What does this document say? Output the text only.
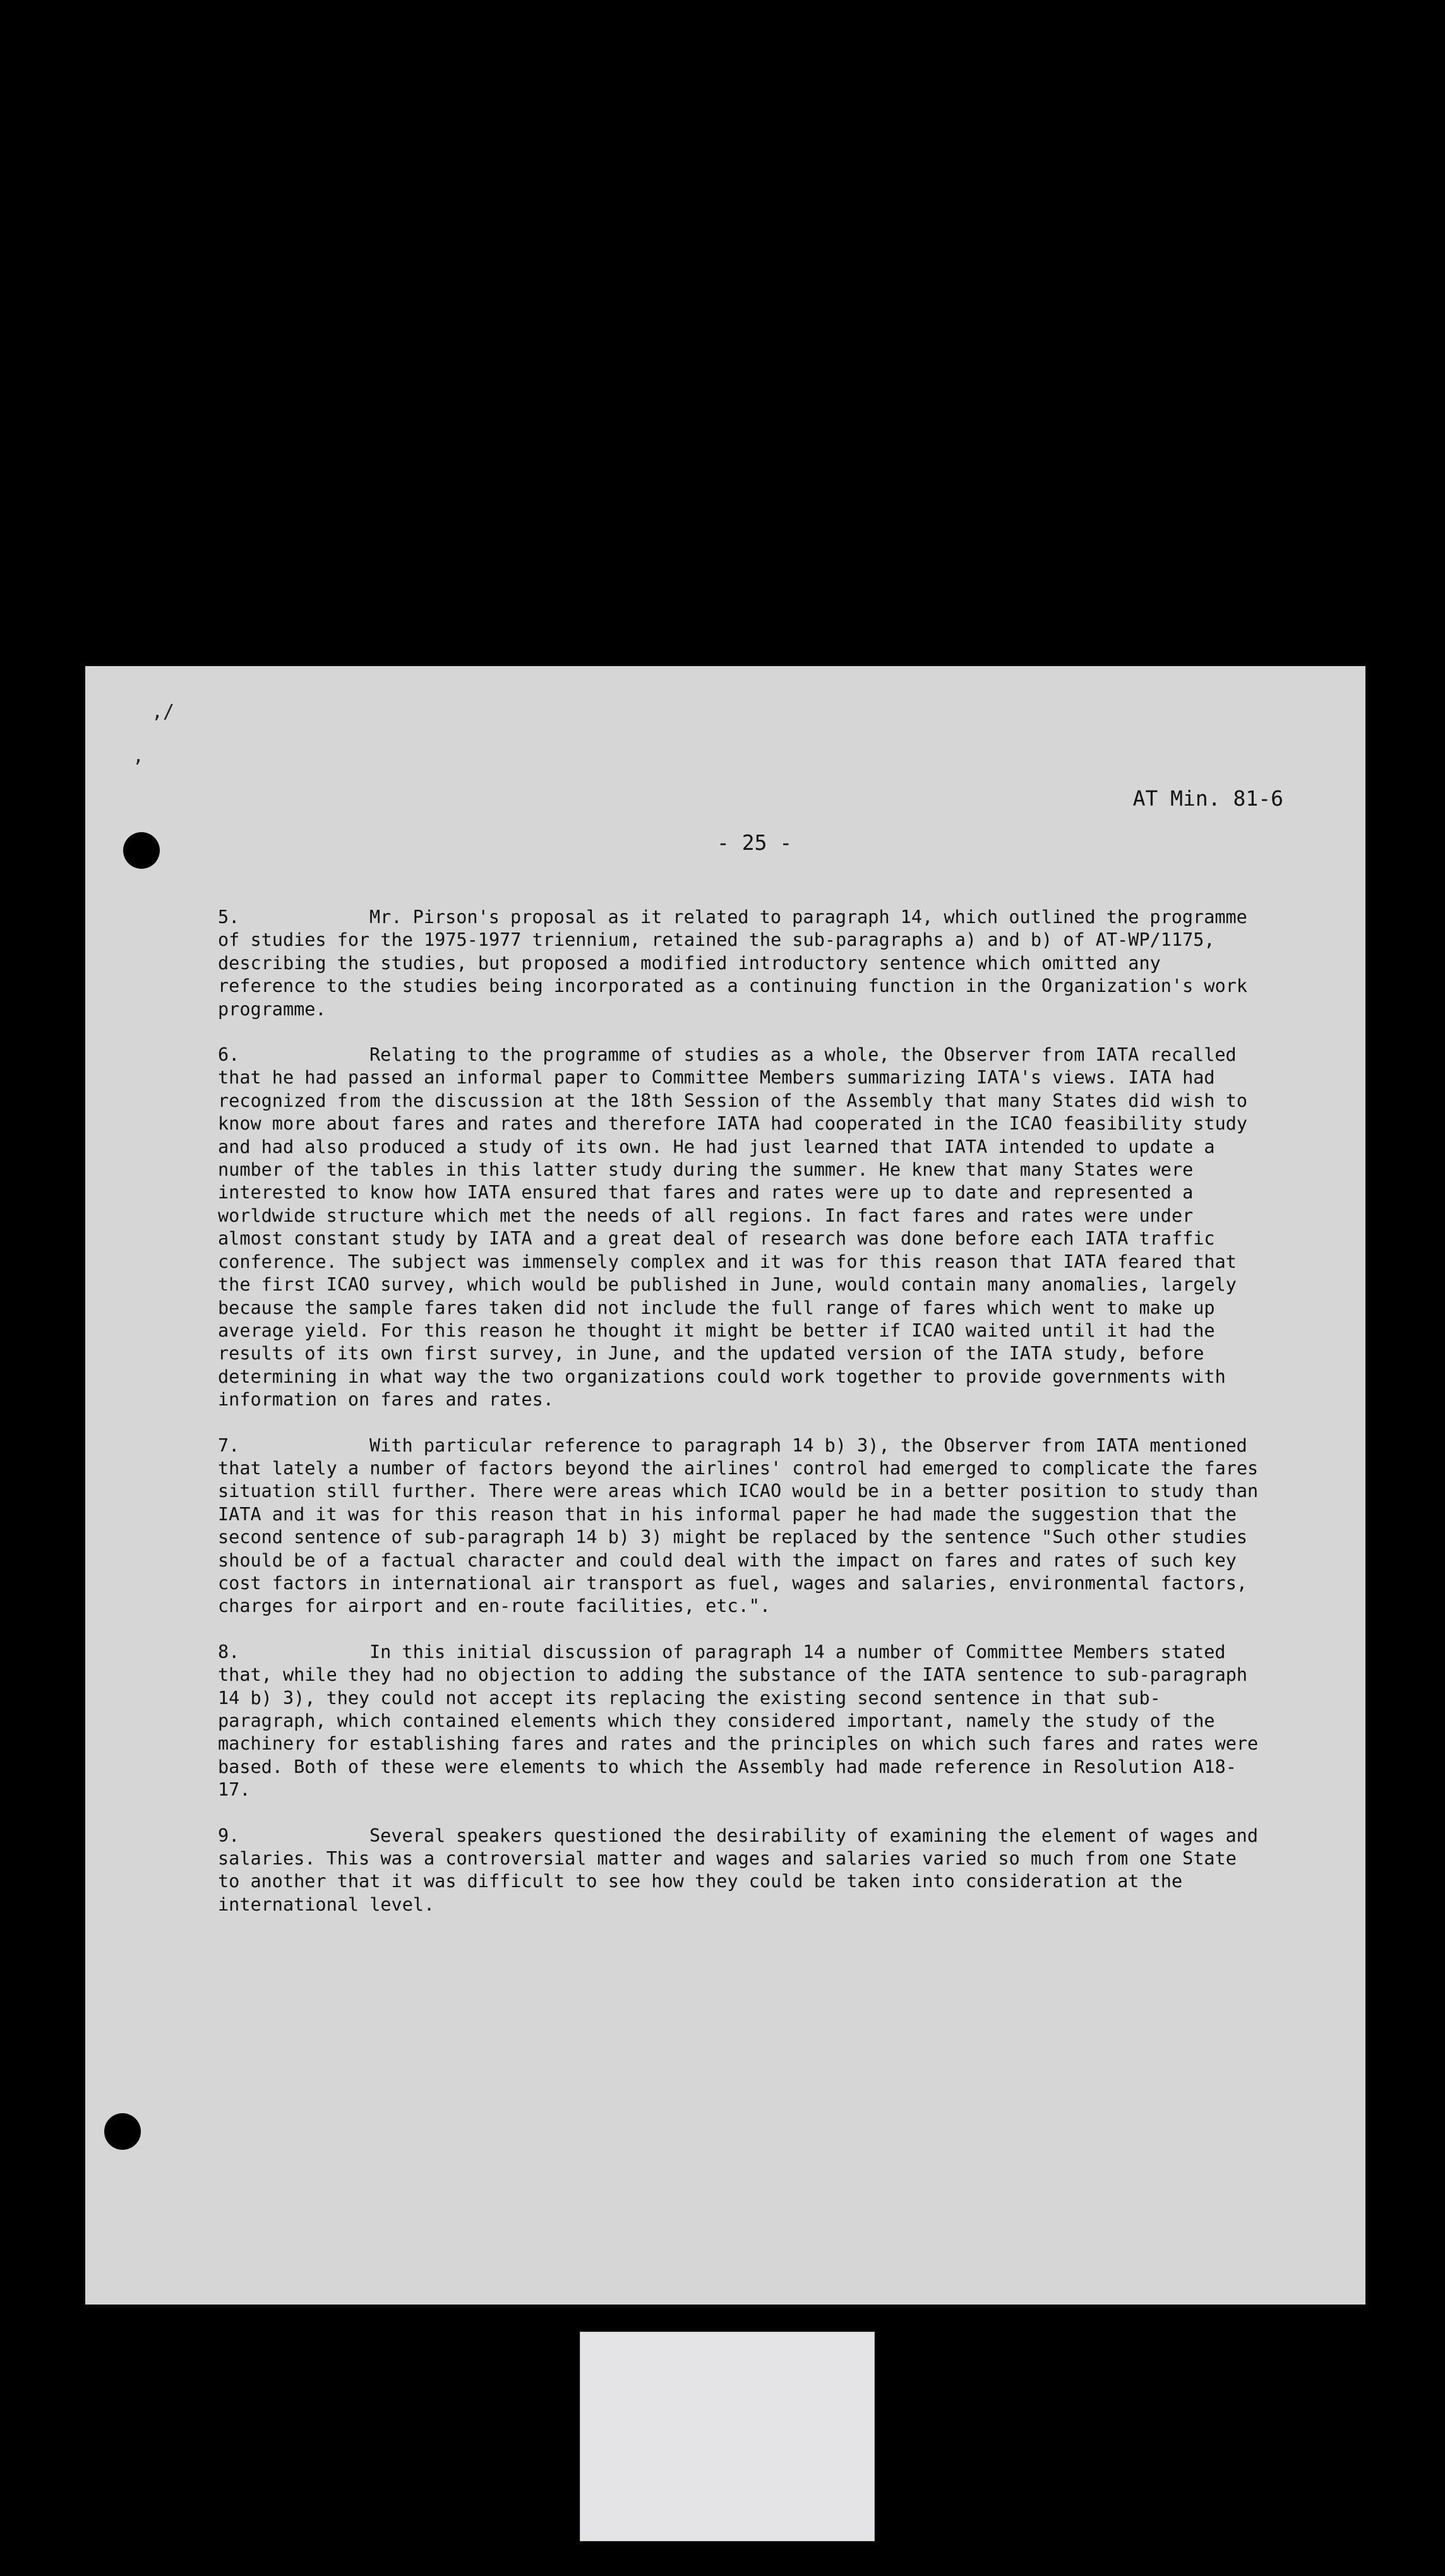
,/
,
AT Min. 81-6
- 25 -
5.	Mr. Pirson's proposal as it related to paragraph 14, which outlined the programme of studies for the 1975-1977 triennium, retained the sub-paragraphs a) and b) of AT-WP/1175, describing the studies, but proposed a modified introductory sentence which omitted any reference to the studies being incorporated as a continuing function in the Organization's work programme.
6.	Relating to the programme of studies as a whole, the Observer from IATA recalled that he had passed an informal paper to Committee Members summarizing IATA's views. IATA had recognized from the discussion at the 18th Session of the Assembly that many States did wish to know more about fares and rates and therefore IATA had cooperated in the ICAO feasibility study and had also produced a study of its own. He had just learned that IATA intended to update a number of the tables in this latter study during the summer. He knew that many States were interested to know how IATA ensured that fares and rates were up to date and represented a worldwide structure which met the needs of all regions. In fact fares and rates were under almost constant study by IATA and a great deal of research was done before each IATA traffic conference. The subject was immensely complex and it was for this reason that IATA feared that the first ICAO survey, which would be published in June, would contain many anomalies, largely because the sample fares taken did not include the full range of fares which went to make up average yield. For this reason he thought it might be better if ICAO waited until it had the results of its own first survey, in June, and the updated version of the IATA study, before determining in what way the two organizations could work together to provide governments with information on fares and rates.
7.	With particular reference to paragraph 14 b) 3), the Observer from IATA mentioned that lately a number of factors beyond the airlines' control had emerged to complicate the fares situation still further. There were areas which ICAO would be in a better position to study than IATA and it was for this reason that in his informal paper he had made the suggestion that the second sentence of sub-paragraph 14 b) 3) might be replaced by the sentence "Such other studies should be of a factual character and could deal with the impact on fares and rates of such key cost factors in international air transport as fuel, wages and salaries, environmental factors, charges for airport and en-route facilities, etc.".
8.	In this initial discussion of paragraph 14 a number of Committee Members stated that, while they had no objection to adding the substance of the IATA sentence to sub-paragraph 14 b) 3), they could not accept its replacing the existing second sentence in that sub-paragraph, which contained elements which they considered important, namely the study of the machinery for establishing fares and rates and the principles on which such fares and rates were based. Both of these were elements to which the Assembly had made reference in Resolution A18-17.
9.	Several speakers questioned the desirability of examining the element of wages and salaries. This was a controversial matter and wages and salaries varied so much from one State to another that it was difficult to see how they could be taken into consideration at the international level.
